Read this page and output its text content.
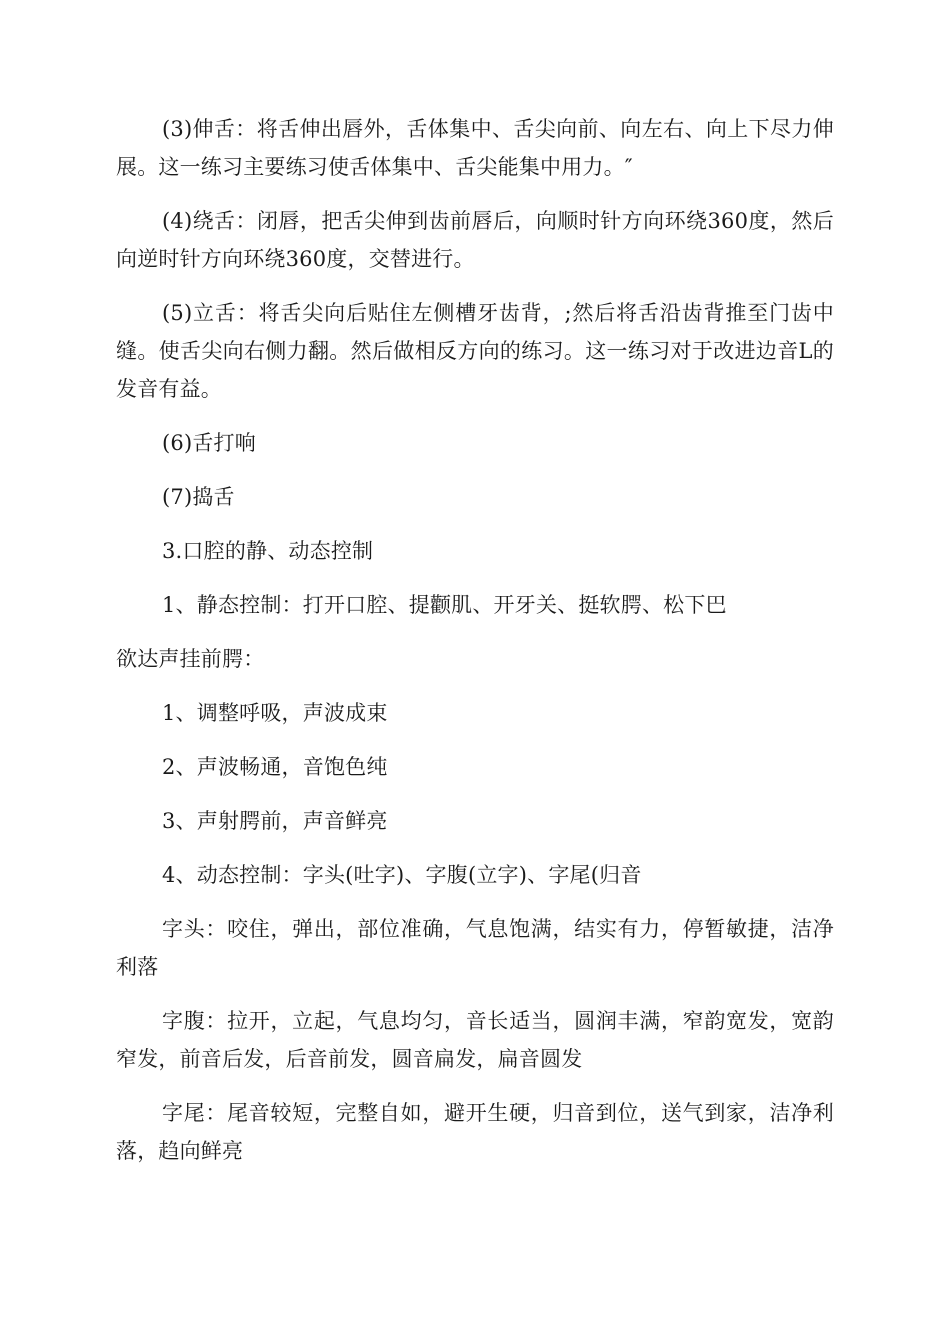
(3)伸舌：将舌伸出唇外，舌体集中、舌尖向前、向左右、向上下尽力伸展。这一练习主要练习使舌体集中、舌尖能集中用力。″

(4)绕舌：闭唇，把舌尖伸到齿前唇后，向顺时针方向环绕360度，然后向逆时针方向环绕360度，交替进行。

(5)立舌：将舌尖向后贴住左侧槽牙齿背，;然后将舌沿齿背推至门齿中缝。使舌尖向右侧力翻。然后做相反方向的练习。这一练习对于改进边音L的发音有益。

(6)舌打响

(7)捣舌

3.口腔的静、动态控制

1、静态控制：打开口腔、提颧肌、开牙关、挺软腭、松下巴

欲达声挂前腭：

1、调整呼吸，声波成束

2、声波畅通，音饱色纯

3、声射腭前，声音鲜亮

4、动态控制：字头(吐字)、字腹(立字)、字尾(归音

字头：咬住，弹出，部位准确，气息饱满，结实有力，停暂敏捷，洁净利落

字腹：拉开，立起，气息均匀，音长适当，圆润丰满，窄韵宽发，宽韵窄发，前音后发，后音前发，圆音扁发，扁音圆发

字尾：尾音较短，完整自如，避开生硬，归音到位，送气到家，洁净利落，趋向鲜亮
